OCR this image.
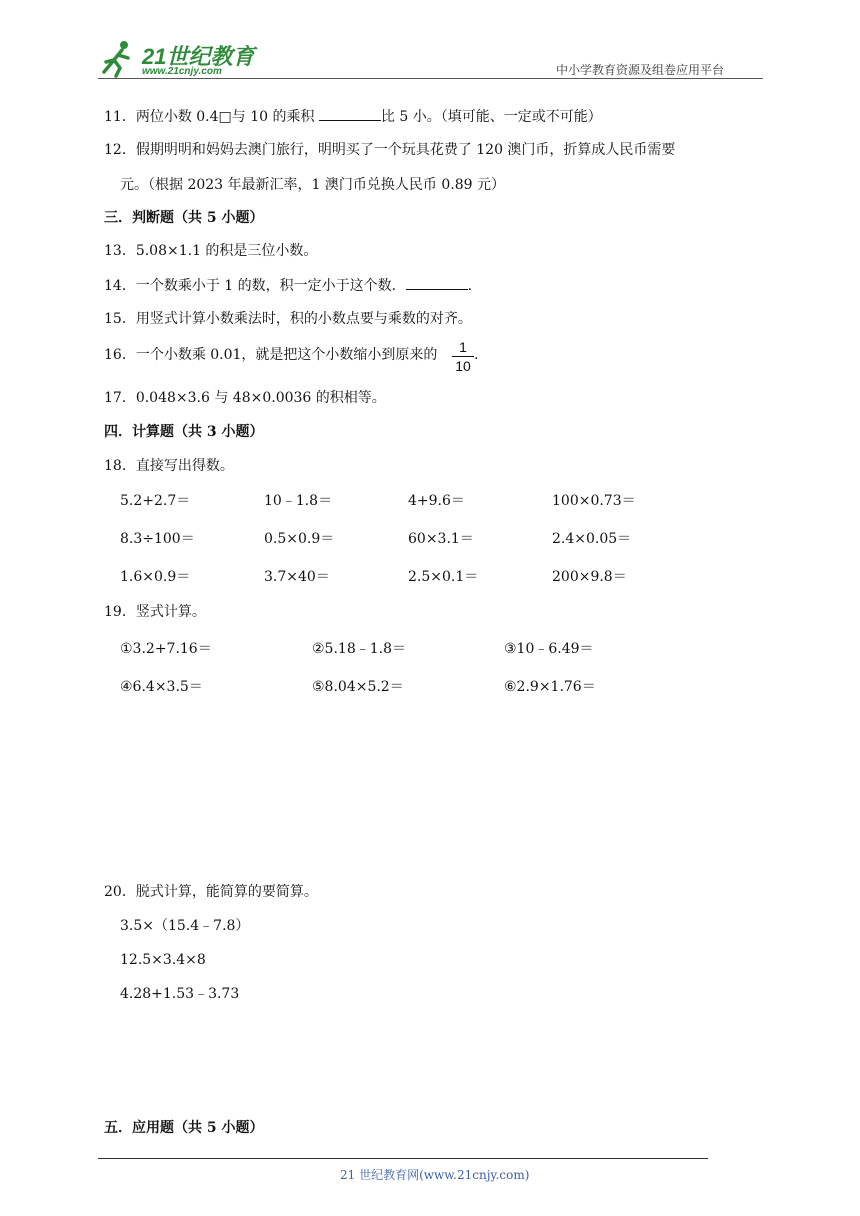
21世纪教育
www.21cnjy.com	中小学教育资源及组卷应用平台
11．两位小数 0.4□与 10 的乘积	比 5 小。（填可能、一定或不可能）
12．假期明明和妈妈去澳门旅行，明明买了一个玩具花费了 120 澳门币，折算成人民币需要
元。（根据 2023 年最新汇率，1 澳门币兑换人民币 0.89 元）
三．判断题（共 5 小题）
13．5.08×1.1 的积是三位小数。
14．一个数乘小于 1 的数，积一定小于这个数．	.
15．用竖式计算小数乘法时，积的小数点要与乘数的对齐。
16．一个小数乘 0.01，就是把这个小数缩小到原来的	1
10
.
17．0.048×3.6 与 48×0.0036 的积相等。
四．计算题（共 3 小题）
18．直接写出得数。
5.2+2.7＝	10﹣1.8＝	4+9.6＝	100×0.73＝
8.3÷100＝	0.5×0.9＝	60×3.1＝	2.4×0.05＝
1.6×0.9＝	3.7×40＝	2.5×0.1＝	200×9.8＝
19．竖式计算。
①3.2+7.16＝	②5.18﹣1.8＝	③10﹣6.49＝
④6.4×3.5＝	⑤8.04×5.2＝	⑥2.9×1.76＝
20．脱式计算，能简算的要简算。
3.5×（15.4﹣7.8）
12.5×3.4×8
4.28+1.53﹣3.73
五．应用题（共 5 小题）
21 世纪教育网(www.21cnjy.com)
